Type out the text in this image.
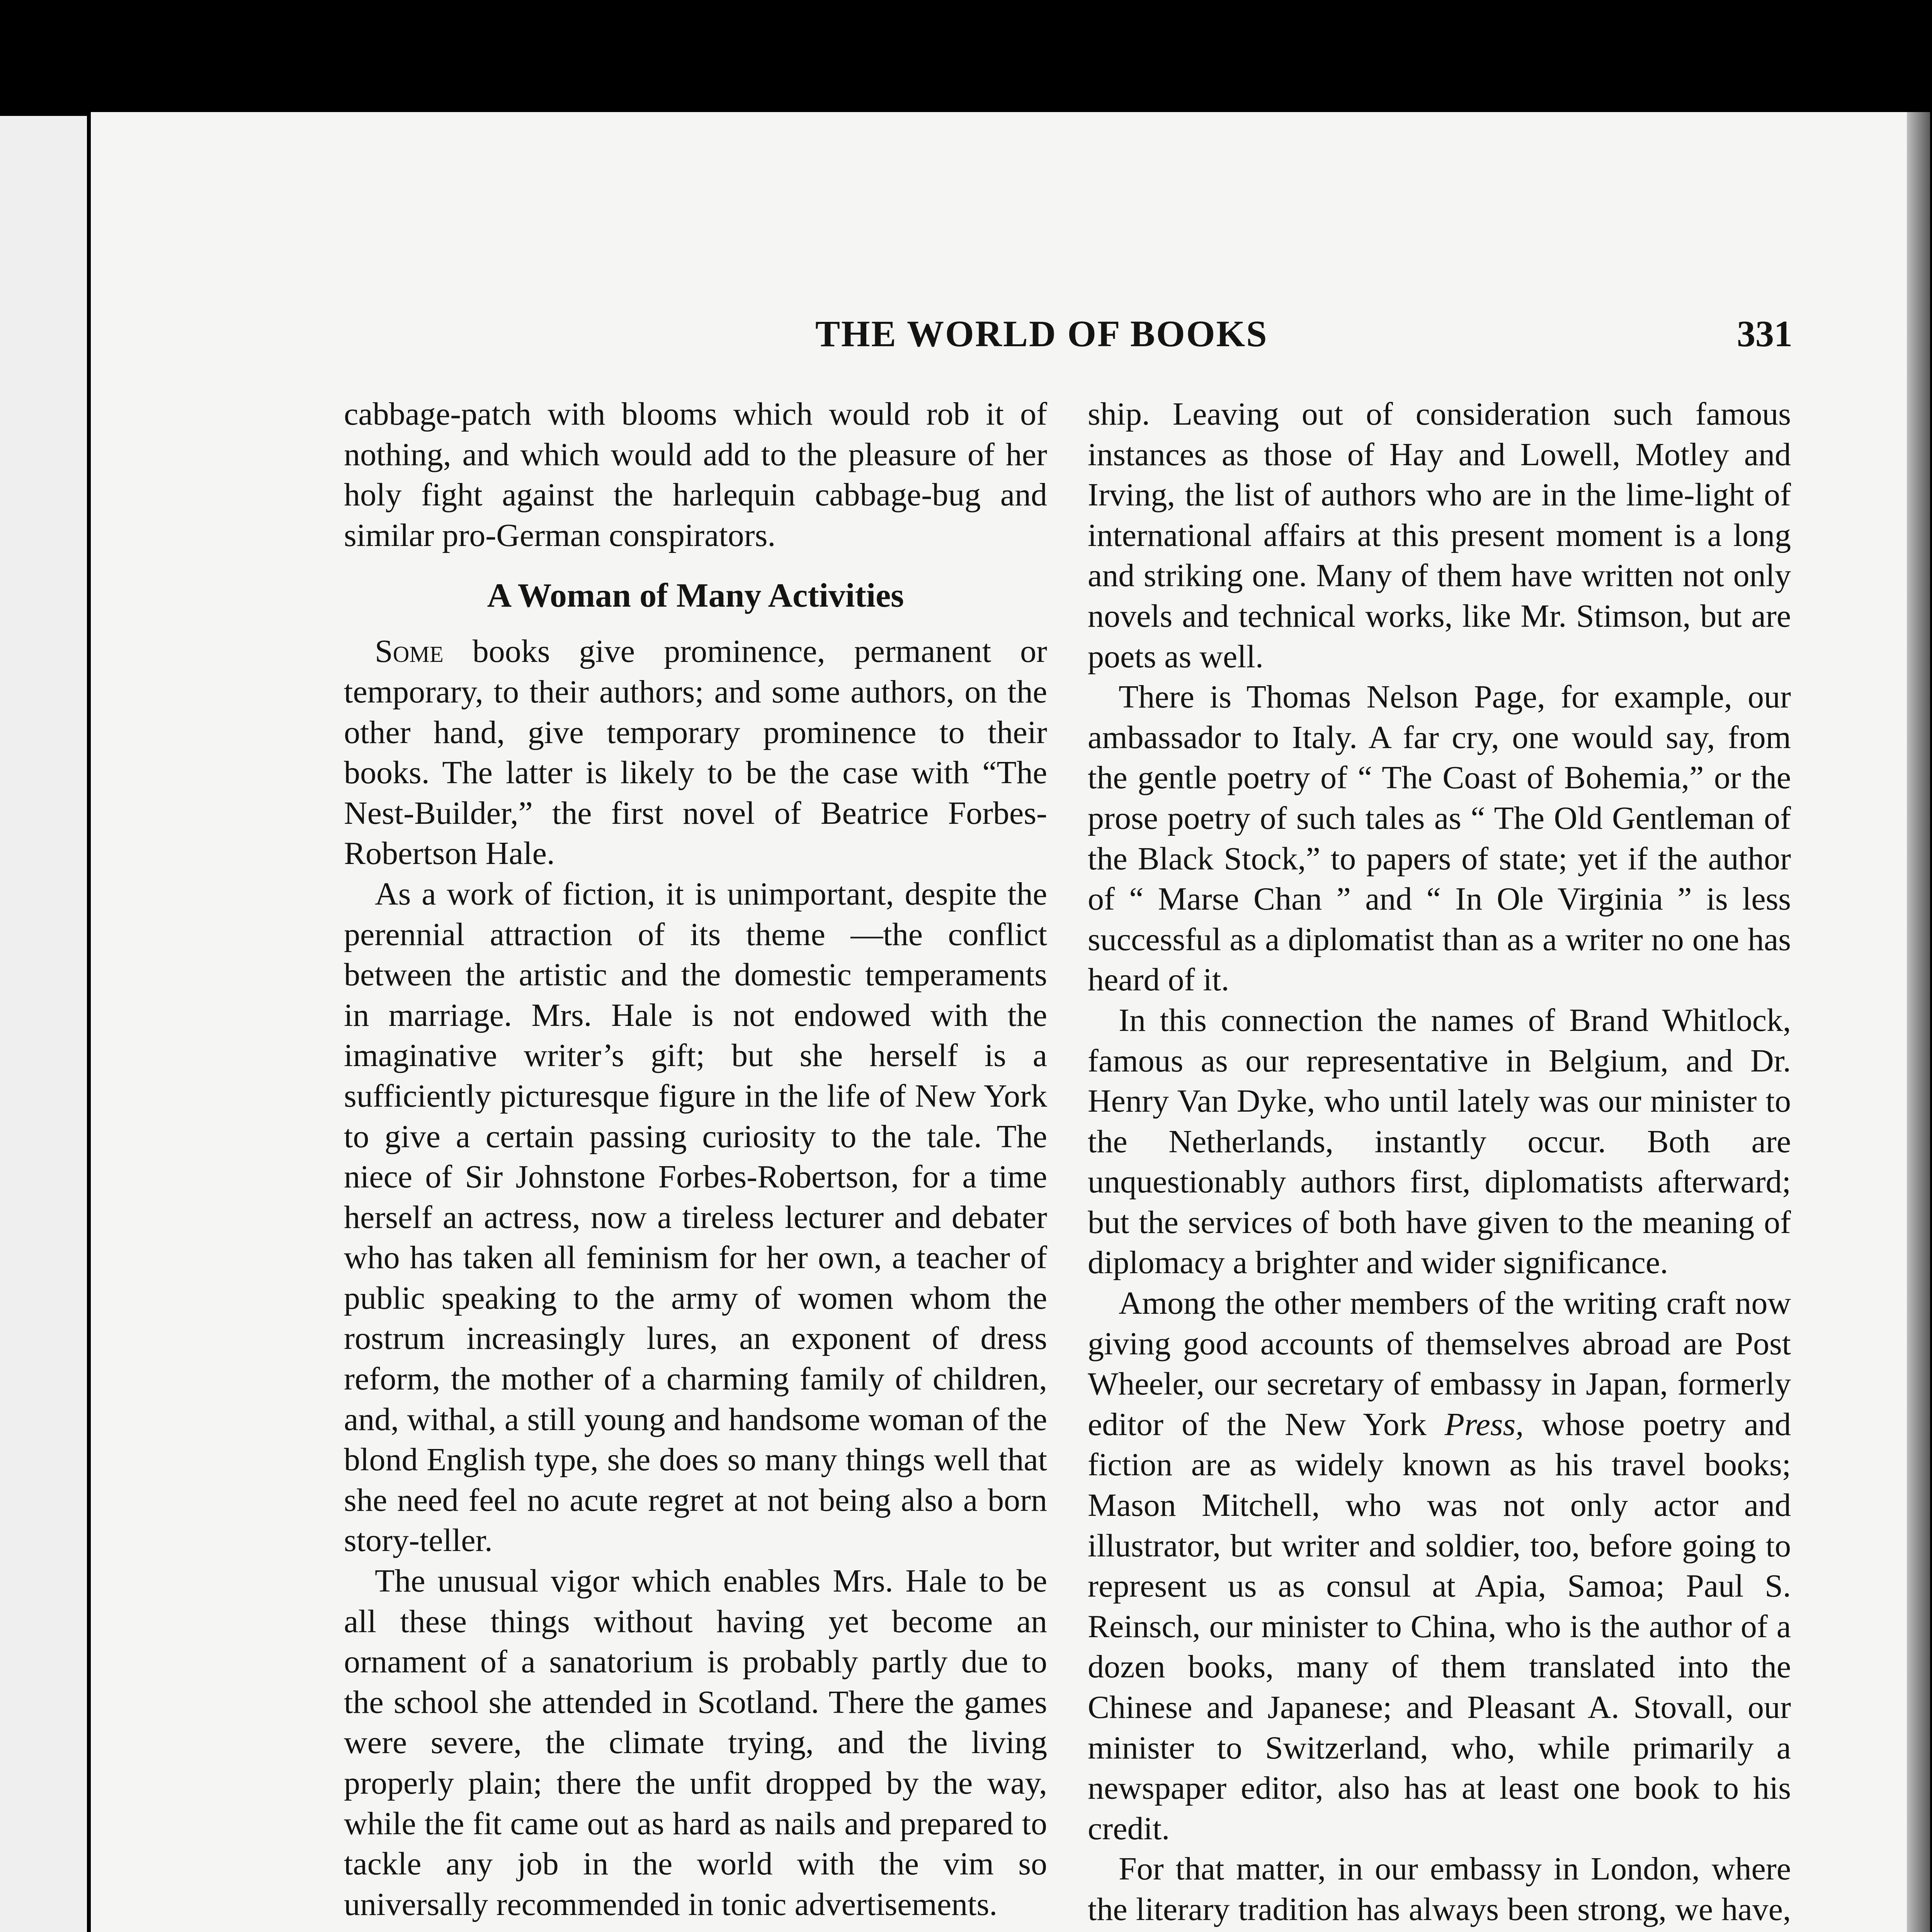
THE WORLD OF BOOKS	331

cabbage-patch with blooms which would rob it of nothing, and which would add to the pleasure of her holy fight against the harlequin cabbage-bug and similar pro-German conspirators.

A Woman of Many Activities

Some books give prominence, permanent or temporary, to their authors; and some authors, on the other hand, give temporary prominence to their books. The latter is likely to be the case with “The Nest-Builder,” the first novel of Beatrice Forbes-Robertson Hale.

As a work of fiction, it is unimportant, despite the perennial attraction of its theme —the conflict between the artistic and the domestic temperaments in marriage. Mrs. Hale is not endowed with the imaginative writer’s gift; but she herself is a sufficiently picturesque figure in the life of New York to give a certain passing curiosity to the tale. The niece of Sir Johnstone Forbes-Robertson, for a time herself an actress, now a tireless lecturer and debater who has taken all feminism for her own, a teacher of public speaking to the army of women whom the rostrum increasingly lures, an exponent of dress reform, the mother of a charming family of children, and, withal, a still young and handsome woman of the blond English type, she does so many things well that she need feel no acute regret at not being also a born story-teller.

The unusual vigor which enables Mrs. Hale to be all these things without having yet become an ornament of a sanatorium is probably partly due to the school she attended in Scotland. There the games were severe, the climate trying, and the living properly plain; there the unfit dropped by the way, while the fit came out as hard as nails and prepared to tackle any job in the world with the vim so universally recommended in tonic advertisements.

ship. Leaving out of consideration such famous instances as those of Hay and Lowell, Motley and Irving, the list of authors who are in the lime-light of international affairs at this present moment is a long and striking one. Many of them have written not only novels and technical works, like Mr. Stimson, but are poets as well.

There is Thomas Nelson Page, for example, our ambassador to Italy. A far cry, one would say, from the gentle poetry of “ The Coast of Bohemia,” or the prose poetry of such tales as “ The Old Gentleman of the Black Stock,” to papers of state; yet if the author of “ Marse Chan ” and “ In Ole Virginia ” is less successful as a diplomatist than as a writer no one has heard of it.

In this connection the names of Brand Whitlock, famous as our representative in Belgium, and Dr. Henry Van Dyke, who until lately was our minister to the Netherlands, instantly occur. Both are unquestionably authors first, diplomatists afterward; but the services of both have given to the meaning of diplomacy a brighter and wider significance.

Among the other members of the writing craft now giving good accounts of themselves abroad are Post Wheeler, our secretary of embassy in Japan, formerly editor of the New York Press, whose poetry and fiction are as widely known as his travel books; Mason Mitchell, who was not only actor and illustrator, but writer and soldier, too, before going to represent us as consul at Apia, Samoa; Paul S. Reinsch, our minister to China, who is the author of a dozen books, many of them translated into the Chinese and Japanese; and Pleasant A. Stovall, our minister to Switzerland, who, while primarily a newspaper editor, also has at least one book to his credit.

For that matter, in our embassy in London, where the literary tradition has always been strong, we have,
